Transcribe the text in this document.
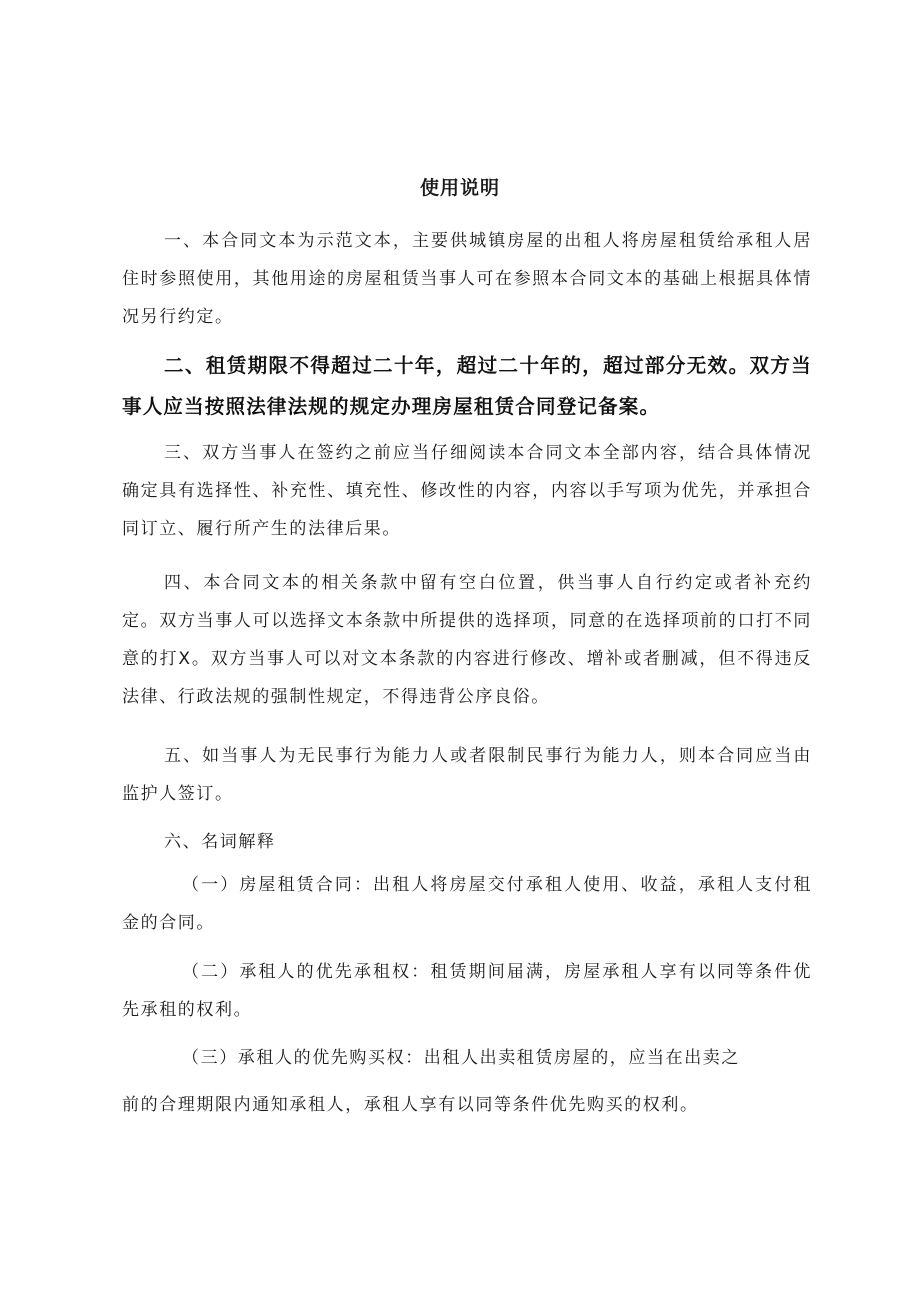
使用说明

一、本合同文本为示范文本，主要供城镇房屋的出租人将房屋租赁给承租人居住时参照使用，其他用途的房屋租赁当事人可在参照本合同文本的基础上根据具体情况另行约定。

二、租赁期限不得超过二十年，超过二十年的，超过部分无效。双方当事人应当按照法律法规的规定办理房屋租赁合同登记备案。

三、双方当事人在签约之前应当仔细阅读本合同文本全部内容，结合具体情况确定具有选择性、补充性、填充性、修改性的内容，内容以手写项为优先，并承担合同订立、履行所产生的法律后果。

四、本合同文本的相关条款中留有空白位置，供当事人自行约定或者补充约定。双方当事人可以选择文本条款中所提供的选择项，同意的在选择项前的口打不同意的打X。双方当事人可以对文本条款的内容进行修改、增补或者删减，但不得违反法律、行政法规的强制性规定，不得违背公序良俗。

五、如当事人为无民事行为能力人或者限制民事行为能力人，则本合同应当由监护人签订。

六、名词解释

（一）房屋租赁合同：出租人将房屋交付承租人使用、收益，承租人支付租金的合同。

（二）承租人的优先承租权：租赁期间届满，房屋承租人享有以同等条件优先承租的权利。

（三）承租人的优先购买权：出租人出卖租赁房屋的，应当在出卖之
前的合理期限内通知承租人，承租人享有以同等条件优先购买的权利。
